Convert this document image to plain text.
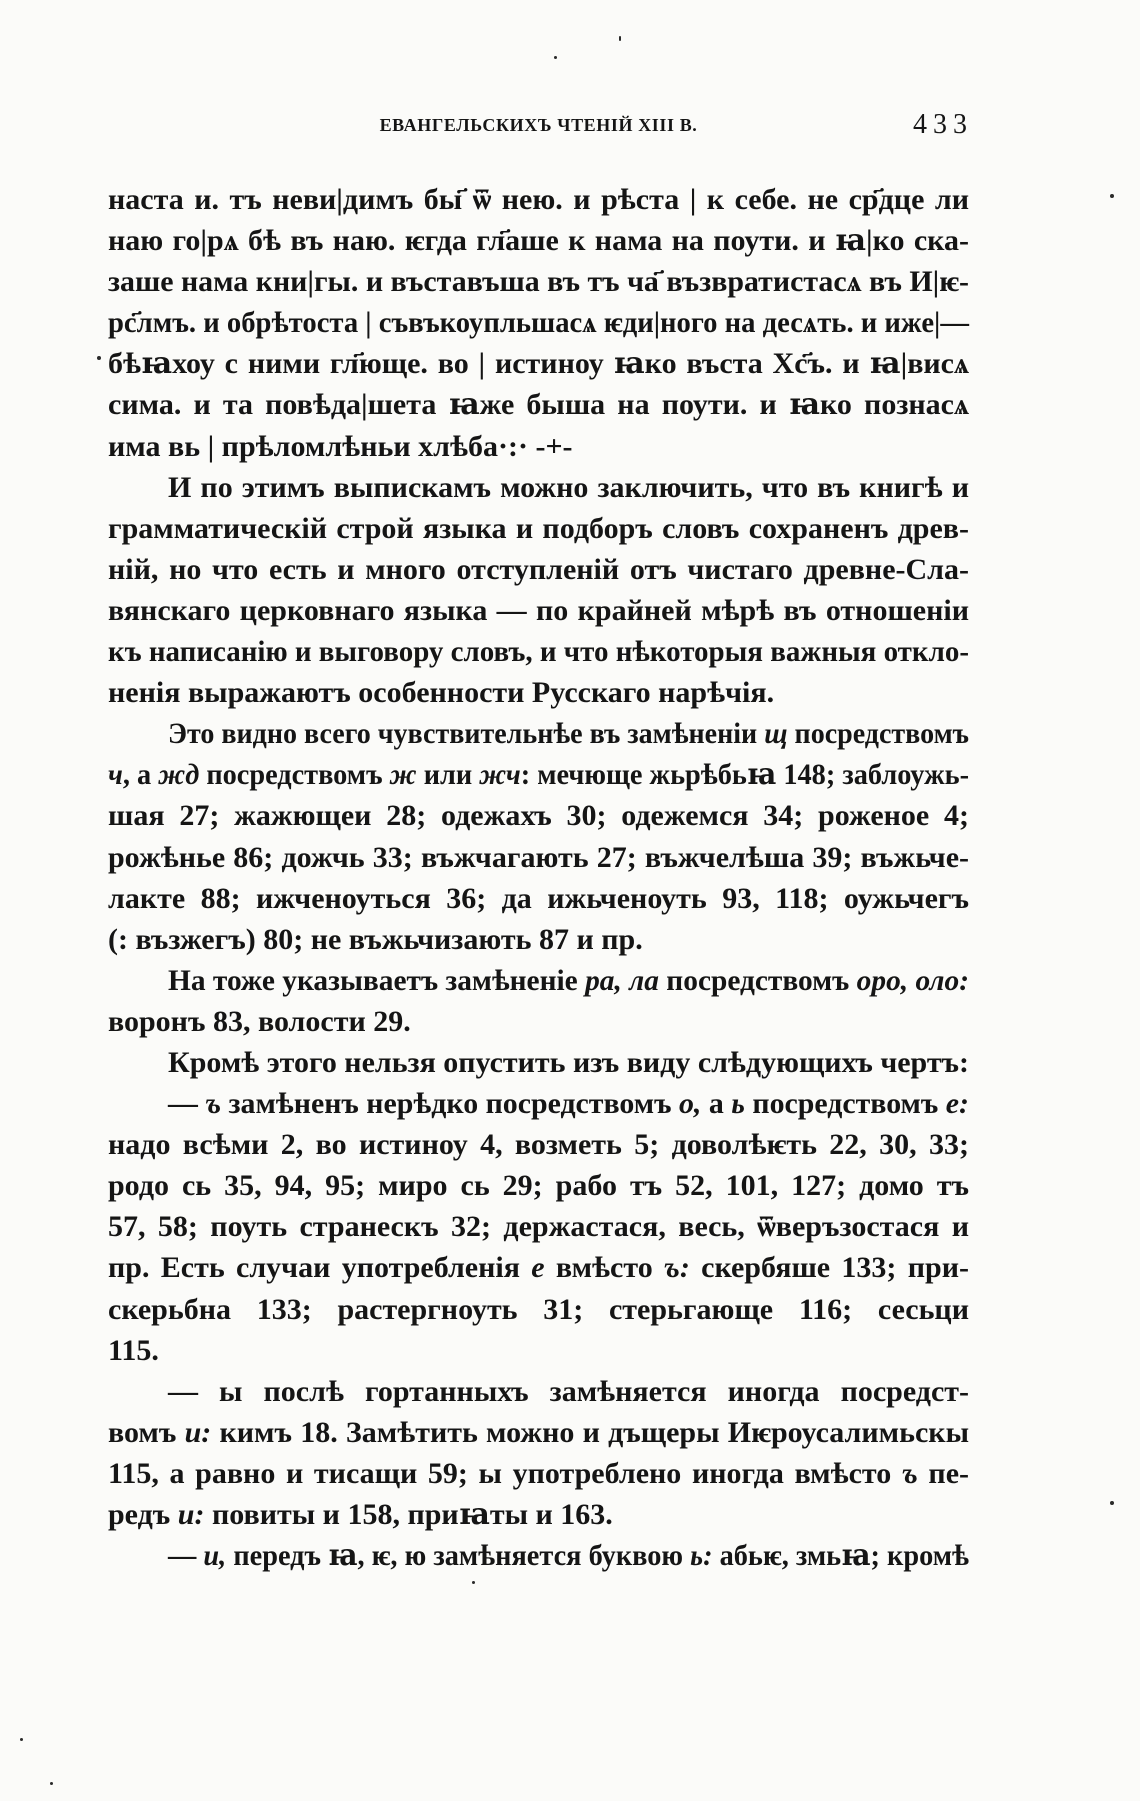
ЕВАНГЕЛЬСКИХЪ ЧТЕНІЙ XIII В.	433
наста и. тъ неви|димъ бы҃ ѿ нею. и рѣста | к себе. не ср҃дце ли
наю го|рѧ бѣ въ наю. ѥгда гл҃аше к нама на поути. и ꙗ|ко ска-
заше нама кни|гы. и въставъша въ тъ ча҃ възвратистасѧ въ И|ѥ-
рс҃лмъ. и обрѣтоста | съвъкоупльшасѧ ѥди|ного на десѧть. и иже|—
бѣꙗхоу с ними гл҃юще. во | истиноу ꙗко въста Хс҃ъ. и ꙗ|висѧ
сима. и та повѣда|шета ꙗже быша на поути. и ꙗко познасѧ
има вь | прѣломлѣньи хлѣба·:· -+-
И по этимъ выпискамъ можно заключить, что въ книгѣ и
грамматическій строй языка и подборъ словъ сохраненъ древ-
ній, но что есть и много отступленій отъ чистаго древне-Сла-
вянскаго церковнаго языка — по крайней мѣрѣ въ отношеніи
къ написанію и выговору словъ, и что нѣкоторыя важныя откло-
ненія выражаютъ особенности Русскаго нарѣчія.
Это видно всего чувствительнѣе въ замѣненіи щ посредствомъ
ч, а жд посредствомъ ж или жч: мечюще жьрѣбьꙗ 148; заблоужь-
шая 27; жажющеи 28; одежахъ 30; одежемся 34; роженое 4;
рожѣнье 86; дожчь 33; въжчагають 27; въжчелѣша 39; въжьче-
лакте 88; ижченоуться 36; да ижьченоуть 93, 118; оужьчегъ
(: възжегъ) 80; не въжьчизають 87 и пр.
На тоже указываетъ замѣненіе ра, ла посредствомъ оро, оло:
воронъ 83, волости 29.
Кромѣ этого нельзя опустить изъ виду слѣдующихъ чертъ:
— ъ замѣненъ нерѣдко посредствомъ о, а ь посредствомъ е:
надо всѣми 2, во истиноу 4, возметь 5; доволѣѥть 22, 30, 33;
родо сь 35, 94, 95; миро сь 29; рабо тъ 52, 101, 127; домо тъ
57, 58; поуть странескъ 32; держастася, весь, ѿверъзостася и
пр. Есть случаи употребленія е вмѣсто ъ: скербяше 133; при-
скерьбна 133; растергноуть 31; стерьгающе 116; сесьци
115.
— ы послѣ гортанныхъ замѣняется иногда посредст-
вомъ и: кимъ 18. Замѣтить можно и дъщеры Иѥроусалимьскы
115, а равно и тисащи 59; ы употреблено иногда вмѣсто ъ пе-
редъ и: повиты и 158, приꙗты и 163.
— и, передъ ꙗ, ѥ, ю замѣняется буквою ь: абьѥ, змьꙗ; кромѣ
